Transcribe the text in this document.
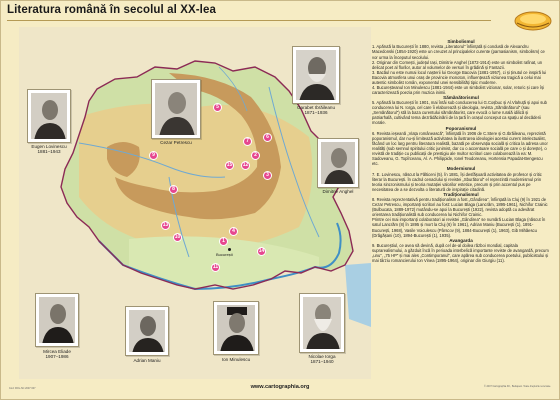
Literatura română în secolul al XX-lea
București
1
2
3
4
5
6
7
8
9
10
11
12
13
14
15
Cezar Petrescu
Eugen Lovinescu
1881–1943
Garabet Ibrăileanu
1871–1936
Dimitrie Anghel
Mircea Eliade
1907–1986
Adrian Maniu	Ion Minulescu
Nicolae Iorga
1871–1940
Simbolismul
1. Apărută la București în 1880, revista „Literatorul” înființată și condusă de Alexandru Macedonski (1854-1920) este un creuzet al principalelor curente (parnasianism, simbolism) ce vor urma la începutul secolului.
2. Originar din Cornești, județul Iași, Dimitrie Anghel (1872-1914) este un simbolist rafinat, un delicat poet al florilor, autor al volumelor de versuri În grădină și Fantazii.
3. Bacăul nu este numai locul nașterii lui George Bacovia (1881-1957), ci și ținutul ce inspiră lui Bacovia atmosfera unui oraș de provincie monoton, influențează viziunea tragică a celui mai autentic simbolist român, exponentul unei sensibilități tipic moderne.
4. Bucureșteanul Ion Minulescu (1881-1944) este un simbolist vizionar, solar, retoric și care își caracterizează poezia prin muzica inimii.
Sămănătorismul
5. Apărută la București în 1901, mai întâi sub conducerea lui G.Coșbuc și Al.Vlahuță și apoi sub conducerea lui N. Iorga, cel care îi elaborează și ideologia, revista „Sămănătorul” (sau „Semănătorul”) stă la baza curentului sămănătorist, care evocă o lume rurală idilică și patriarhală, cultivând tema dezrădăcinării de la țară în orașul conceput ca spațiu al decăderii morale.
Poporanismul
6. Revista ieșeană „Viața românească”, înființată în 1906 de C.Stere și G.Ibrăileanu, reprezintă poporanismul, dar nu-și limitează activitatea la ilustrarea ideologiei acestui curent intelectualist, făcând un loc larg pentru literatura realistă, bazată pe observația socială și critica la adresa unor realități (sub semnul spiritului critic junimist, dar cu o accentuare socială pe care o și dorește), o revistă de tradiție cu publicații de prestigiu ale multor scriitori care colaborează la ea: M. Sadoveanu, G. Topîrceanu, Al. A. Philippide, Ionel Teodoreanu, Hortensia Papadat-Bengescu etc.
Modernismul
7. E. Lovinescu, născut la Fălticeni (5). În 1881, își desfășoară activitatea de profesor și critic literar la București. În cadrul cenaclului și revistei „Sburătorul” el reprezintă modernismul prin teoria sincronismului și teoria mutației valorilor estetice, precum și prin accentul pus pe necesitatea de a se dezvolta o literatură de inspirație citadină.
Tradiționalismul
8. Revista reprezentativă pentru tradiționalism a fost „Gândirea”, înființată la Cluj (9) în 1921 de Cezar Petrescu, importanți scriitori au fost: Lucian Blaga (Lancrăm, 1895-1961), Nichifor Crainic (Bulbucata, 1889-1972) mutându-se apoi la București (1922), revista adoptă cu adevărat orientarea tradiționalistă sub conducerea lui Nichifor Crainic.
Printre cei mai importanți colaboratori ai revistei „Gândirea” se numără Lucian Blaga (născut în satul Lancrăm (8) în 1895 și mort la Cluj (6) în 1961), Adrian Maniu (București (1), 1891-București, 1968), Vasile Voiculescu (Pârscov (9), 1884-București (1), 1963), Gib Mihăescu (Drăgășani (10), 1894-București (1), 1935).
Avangarda
9. Bucureștiul, ce avea să devină, după cel de-al doilea război mondial, capitala suprarealismului, a găzduit încă în perioada interbelică importante reviste de avangardă, precum „unu”, „75 HP” și mai ales „Contimporanul”, care apărea sub conducerea poetului, publicistului și mai târziu romancierului Ion Vinea (1895-1964), originar din Giurgiu (11).
www.cartographia.org
Cod: ROL-SC 2007 007
© 2007 Cartographia Kft., Budapest. Toate drepturile rezervate.
